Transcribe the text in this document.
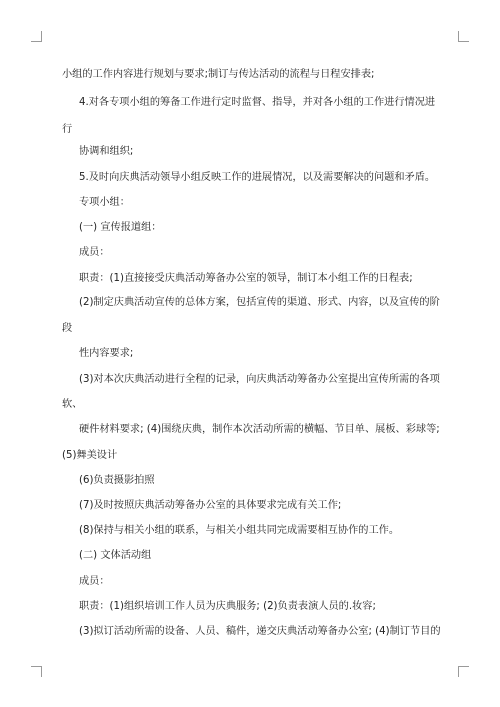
小组的工作内容进行规划与要求;制订与传达活动的流程与日程安排表;
4.对各专项小组的筹备工作进行定时监督、指导，并对各小组的工作进行情况进
行
协调和组织;
5.及时向庆典活动领导小组反映工作的进展情况，以及需要解决的问题和矛盾。
专项小组：
(一) 宣传报道组：
成员：
职责：(1)直接接受庆典活动筹备办公室的领导，制订本小组工作的日程表;
(2)制定庆典活动宣传的总体方案，包括宣传的渠道、形式、内容，以及宣传的阶
段
性内容要求;
(3)对本次庆典活动进行全程的记录，向庆典活动筹备办公室提出宣传所需的各项
软、
硬件材料要求; (4)围绕庆典，制作本次活动所需的横幅、节目单、展板、彩球等;
(5)舞美设计
(6)负责摄影拍照
(7)及时按照庆典活动筹备办公室的具体要求完成有关工作;
(8)保持与相关小组的联系，与相关小组共同完成需要相互协作的工作。
(二) 文体活动组
成员：
职责：(1)组织培训工作人员为庆典服务; (2)负责表演人员的.妆容;
(3)拟订活动所需的设备、人员、稿件，递交庆典活动筹备办公室; (4)制订节目的
